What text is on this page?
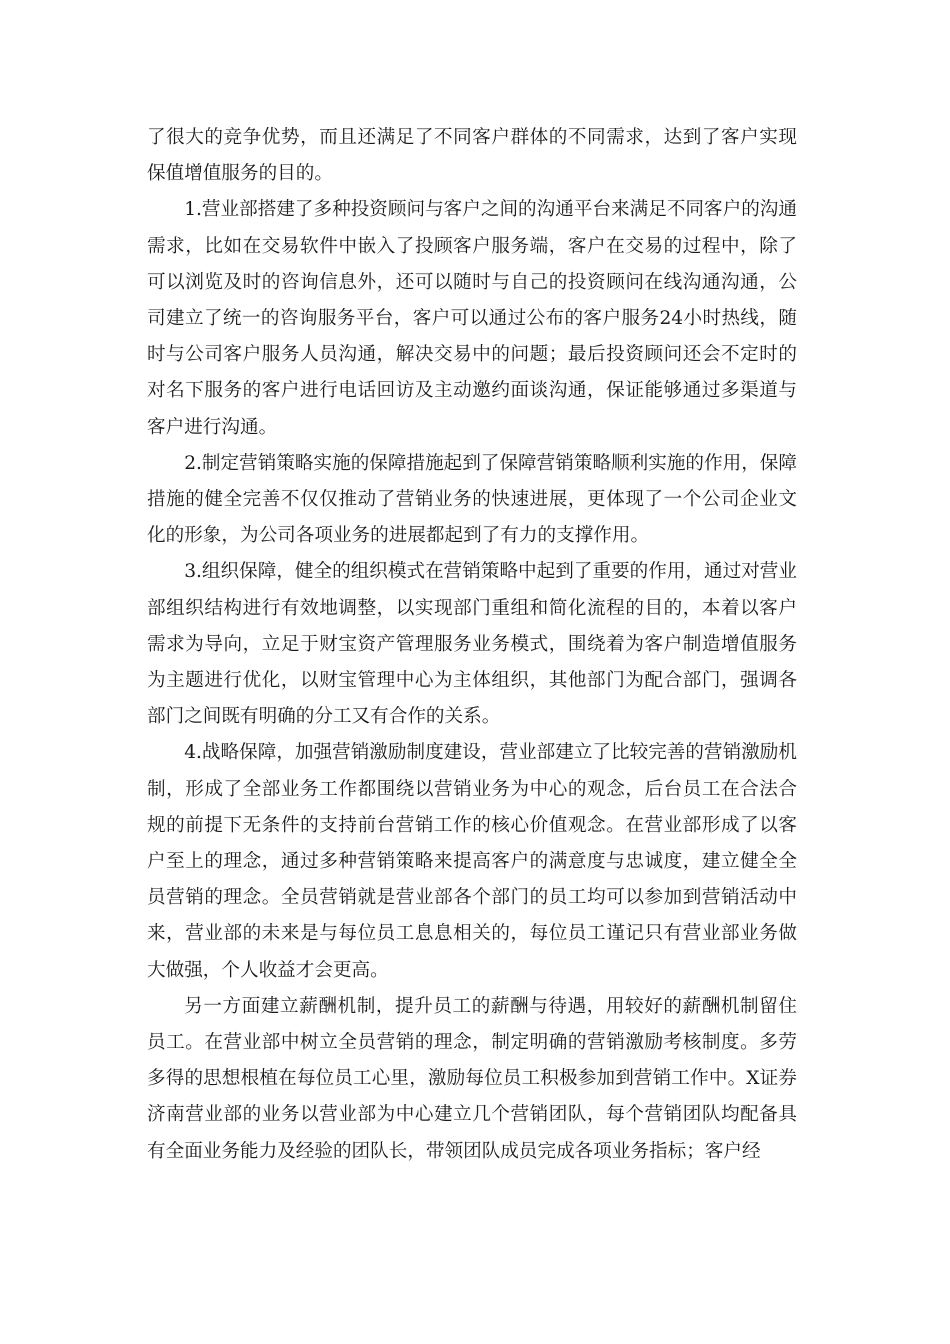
了很大的竞争优势，而且还满足了不同客户群体的不同需求，达到了客户实现保值增值服务的目的。

1.营业部搭建了多种投资顾问与客户之间的沟通平台来满足不同客户的沟通需求，比如在交易软件中嵌入了投顾客户服务端，客户在交易的过程中，除了可以浏览及时的咨询信息外，还可以随时与自己的投资顾问在线沟通沟通，公司建立了统一的咨询服务平台，客户可以通过公布的客户服务24小时热线，随时与公司客户服务人员沟通，解决交易中的问题；最后投资顾问还会不定时的对名下服务的客户进行电话回访及主动邀约面谈沟通，保证能够通过多渠道与客户进行沟通。

2.制定营销策略实施的保障措施起到了保障营销策略顺利实施的作用，保障措施的健全完善不仅仅推动了营销业务的快速进展，更体现了一个公司企业文化的形象，为公司各项业务的进展都起到了有力的支撑作用。

3.组织保障，健全的组织模式在营销策略中起到了重要的作用，通过对营业部组织结构进行有效地调整，以实现部门重组和简化流程的目的，本着以客户需求为导向，立足于财宝资产管理服务业务模式，围绕着为客户制造增值服务为主题进行优化，以财宝管理中心为主体组织，其他部门为配合部门，强调各部门之间既有明确的分工又有合作的关系。

4.战略保障，加强营销激励制度建设，营业部建立了比较完善的营销激励机制，形成了全部业务工作都围绕以营销业务为中心的观念，后台员工在合法合规的前提下无条件的支持前台营销工作的核心价值观念。在营业部形成了以客户至上的理念，通过多种营销策略来提高客户的满意度与忠诚度，建立健全全员营销的理念。全员营销就是营业部各个部门的员工均可以参加到营销活动中来，营业部的未来是与每位员工息息相关的，每位员工谨记只有营业部业务做大做强，个人收益才会更高。

另一方面建立薪酬机制，提升员工的薪酬与待遇，用较好的薪酬机制留住员工。在营业部中树立全员营销的理念，制定明确的营销激励考核制度。多劳多得的思想根植在每位员工心里，激励每位员工积极参加到营销工作中。X证券济南营业部的业务以营业部为中心建立几个营销团队，每个营销团队均配备具有全面业务能力及经验的团队长，带领团队成员完成各项业务指标；客户经
